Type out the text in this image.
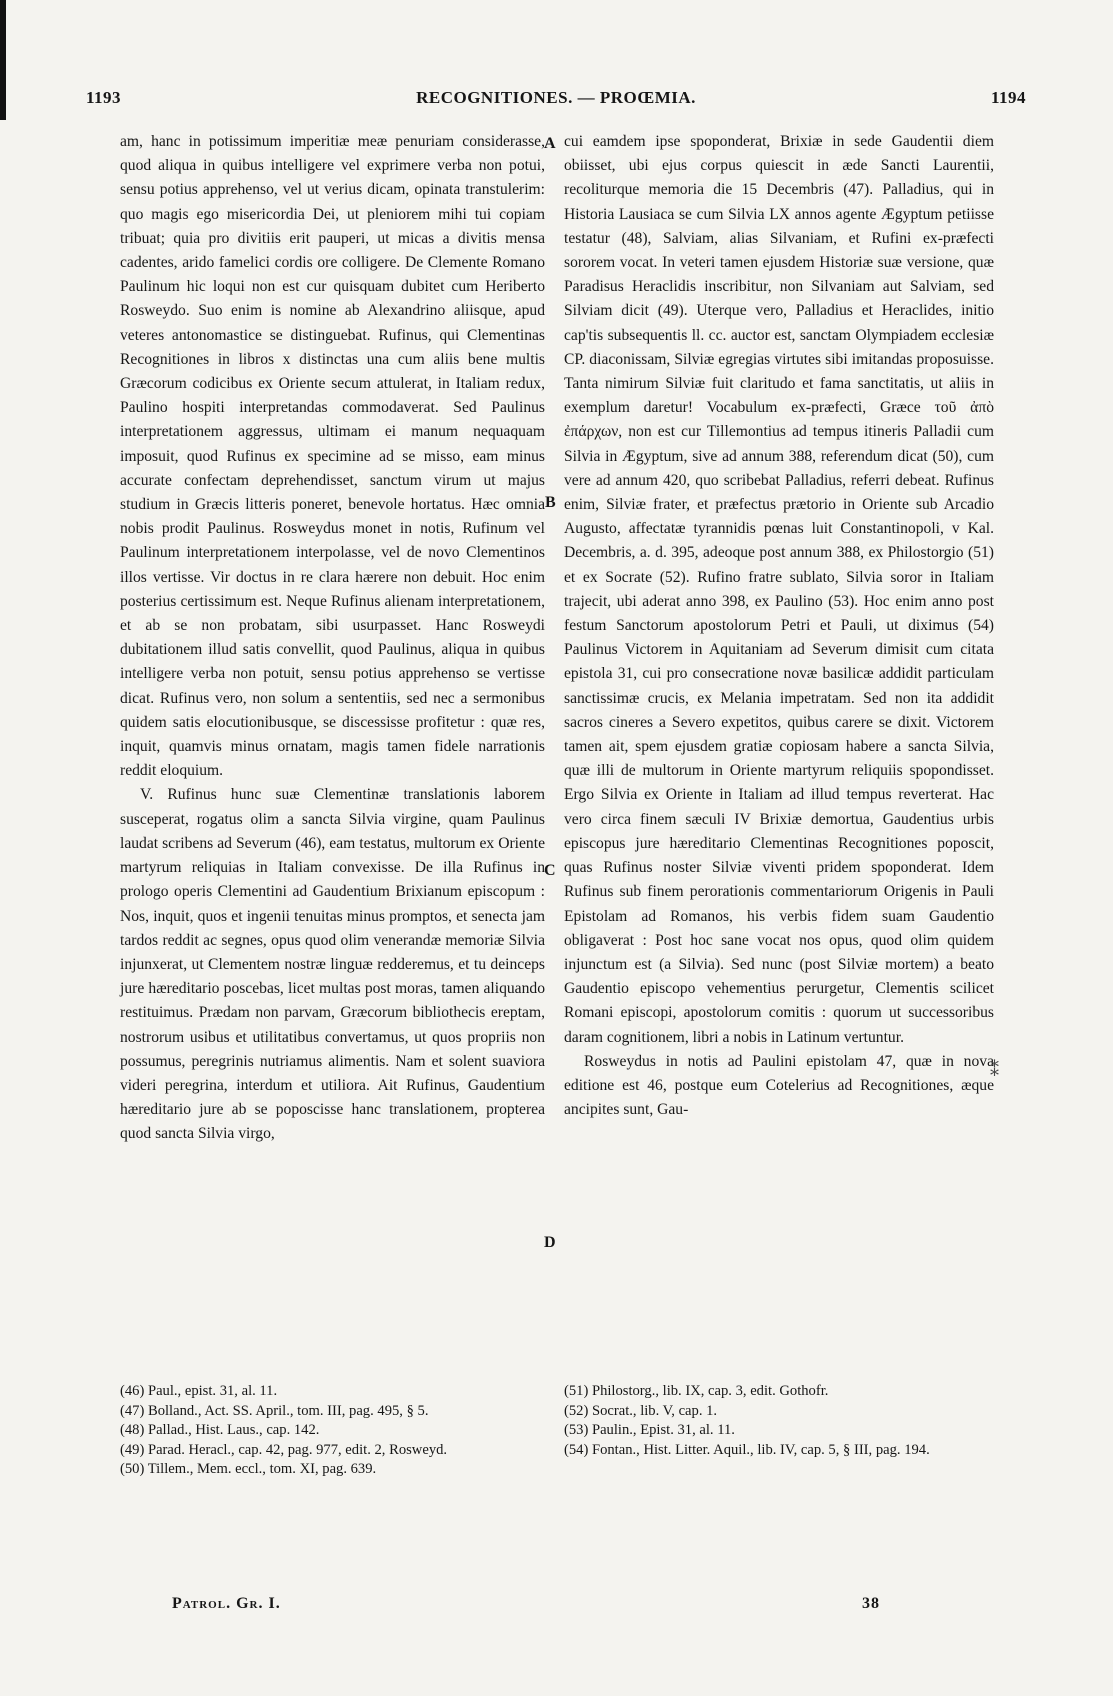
1193	RECOGNITIONES. — PROŒMIA.	1194
A
B
C
D

am, hanc in potissimum imperitiæ meæ penuriam considerasse, quod aliqua in quibus intelligere vel exprimere verba non potui, sensu potius apprehenso, vel ut verius dicam, opinata transtulerim: quo magis ego misericordia Dei, ut pleniorem mihi tui copiam tribuat; quia pro divitiis erit pauperi, ut micas a divitis mensa cadentes, arido famelici cordis ore colligere. De Clemente Romano Paulinum hic loqui non est cur quisquam dubitet cum Heriberto Rosweydo. Suo enim is nomine ab Alexandrino aliisque, apud veteres antonomastice se distinguebat. Rufinus, qui Clementinas Recognitiones in libros x distinctas una cum aliis bene multis Græcorum codicibus ex Oriente secum attulerat, in Italiam redux, Paulino hospiti interpretandas commodaverat. Sed Paulinus interpretationem aggressus, ultimam ei manum nequaquam imposuit, quod Rufinus ex specimine ad se misso, eam minus accurate confectam deprehendisset, sanctum virum ut majus studium in Græcis litteris poneret, benevole hortatus. Hæc omnia nobis prodit Paulinus. Rosweydus monet in notis, Rufinum vel Paulinum interpretationem interpolasse, vel de novo Clementinos illos vertisse. Vir doctus in re clara hærere non debuit. Hoc enim posterius certissimum est. Neque Rufinus alienam interpretationem, et ab se non probatam, sibi usurpasset. Hanc Rosweydi dubitationem illud satis convellit, quod Paulinus, aliqua in quibus intelligere verba non potuit, sensu potius apprehenso se vertisse dicat. Rufinus vero, non solum a sententiis, sed nec a sermonibus quidem satis elocutionibusque, se discessisse profitetur : quæ res, inquit, quamvis minus ornatam, magis tamen fidele narrationis reddit eloquium.

V. Rufinus hunc suæ Clementinæ translationis laborem susceperat, rogatus olim a sancta Silvia virgine, quam Paulinus laudat scribens ad Severum (46), eam testatus, multorum ex Oriente martyrum reliquias in Italiam convexisse. De illa Rufinus in prologo operis Clementini ad Gaudentium Brixianum episcopum : Nos, inquit, quos et ingenii tenuitas minus promptos, et senecta jam tardos reddit ac segnes, opus quod olim venerandæ memoriæ Silvia injunxerat, ut Clementem nostræ linguæ redderemus, et tu deinceps jure hæreditario poscebas, licet multas post moras, tamen aliquando restituimus. Prædam non parvam, Græcorum bibliothecis ereptam, nostrorum usibus et utilitatibus convertamus, ut quos propriis non possumus, peregrinis nutriamus alimentis. Nam et solent suaviora videri peregrina, interdum et utiliora. Ait Rufinus, Gaudentium hæreditario jure ab se poposcisse hanc translationem, propterea quod sancta Silvia virgo,

cui eamdem ipse spoponderat, Brixiæ in sede Gaudentii diem obiisset, ubi ejus corpus quiescit in æde Sancti Laurentii, recoliturque memoria die 15 Decembris (47). Palladius, qui in Historia Lausiaca se cum Silvia LX annos agente Ægyptum petiisse testatur (48), Salviam, alias Silvaniam, et Rufini ex-præfecti sororem vocat. In veteri tamen ejusdem Historiæ suæ versione, quæ Paradisus Heraclidis inscribitur, non Silvaniam aut Salviam, sed Silviam dicit (49). Uterque vero, Palladius et Heraclides, initio cap'tis subsequentis ll. cc. auctor est, sanctam Olympiadem ecclesiæ CP. diaconissam, Silviæ egregias virtutes sibi imitandas proposuisse. Tanta nimirum Silviæ fuit claritudo et fama sanctitatis, ut aliis in exemplum daretur! Vocabulum ex-præfecti, Græce τοῦ ἀπὸ ἐπάρχων, non est cur Tillemontius ad tempus itineris Palladii cum Silvia in Ægyptum, sive ad annum 388, referendum dicat (50), cum vere ad annum 420, quo scribebat Palladius, referri debeat. Rufinus enim, Silviæ frater, et præfectus prætorio in Oriente sub Arcadio Augusto, affectatæ tyrannidis pœnas luit Constantinopoli, v Kal. Decembris, a. d. 395, adeoque post annum 388, ex Philostorgio (51) et ex Socrate (52). Rufino fratre sublato, Silvia soror in Italiam trajecit, ubi aderat anno 398, ex Paulino (53). Hoc enim anno post festum Sanctorum apostolorum Petri et Pauli, ut diximus (54) Paulinus Victorem in Aquitaniam ad Severum dimisit cum citata epistola 31, cui pro consecratione novæ basilicæ addidit particulam sanctissimæ crucis, ex Melania impetratam. Sed non ita addidit sacros cineres a Severo expetitos, quibus carere se dixit. Victorem tamen ait, spem ejusdem gratiæ copiosam habere a sancta Silvia, quæ illi de multorum in Oriente martyrum reliquiis spopondisset. Ergo Silvia ex Oriente in Italiam ad illud tempus reverterat. Hac vero circa finem sæculi IV Brixiæ demortua, Gaudentius urbis episcopus jure hæreditario Clementinas Recognitiones poposcit, quas Rufinus noster Silviæ viventi pridem spoponderat. Idem Rufinus sub finem perorationis commentariorum Origenis in Pauli Epistolam ad Romanos, his verbis fidem suam Gaudentio obligaverat : Post hoc sane vocat nos opus, quod olim quidem injunctum est (a Silvia). Sed nunc (post Silviæ mortem) a beato Gaudentio episcopo vehementius perurgetur, Clementis scilicet Romani episcopi, apostolorum comitis : quorum ut successoribus daram cognitionem, libri a nobis in Latinum vertuntur.

Rosweydus in notis ad Paulini epistolam 47, quæ in nova editione est 46, postque eum Cotelerius ad Recognitiones, æque ancipites sunt, Gau-

(46) Paul., epist. 31, al. 11.

(47) Bolland., Act. SS. April., tom. III, pag. 495, § 5.

(48) Pallad., Hist. Laus., cap. 142.

(49) Parad. Heracl., cap. 42, pag. 977, edit. 2, Rosweyd.

(50) Tillem., Mem. eccl., tom. XI, pag. 639.

(51) Philostorg., lib. IX, cap. 3, edit. Gothofr.

(52) Socrat., lib. V, cap. 1.

(53) Paulin., Epist. 31, al. 11.

(54) Fontan., Hist. Litter. Aquil., lib. IV, cap. 5, § III, pag. 194.

Patrol. Gr. I.	38
⁑
